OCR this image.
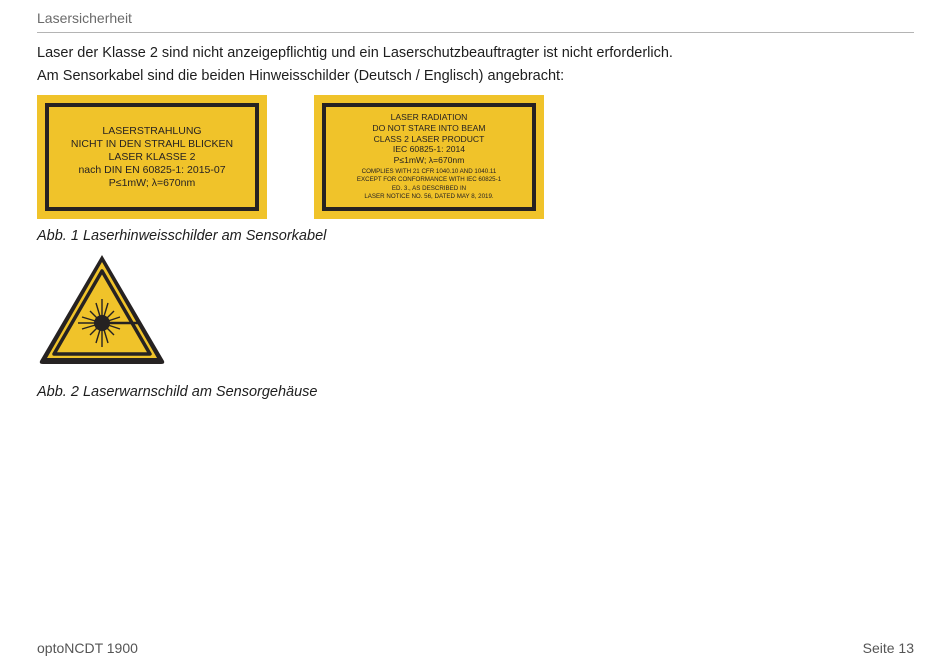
Lasersicherheit
Laser der Klasse 2 sind nicht anzeigepflichtig und ein Laserschutzbeauftragter ist nicht erforderlich.
Am Sensorkabel sind die beiden Hinweisschilder (Deutsch / Englisch) angebracht:
LASERSTRAHLUNG
NICHT IN DEN STRAHL BLICKEN
LASER KLASSE 2
nach DIN EN 60825-1: 2015-07
P≤1mW; λ=670nm
LASER RADIATION
DO NOT STARE INTO BEAM
CLASS 2 LASER PRODUCT
IEC 60825-1: 2014
P≤1mW; λ=670nm
COMPLIES WITH 21 CFR 1040.10 AND 1040.11
EXCEPT FOR CONFORMANCE WITH IEC 60825-1
ED. 3., AS DESCRIBED IN
LASER NOTICE NO. 56, DATED MAY 8, 2019.
Abb. 1 Laserhinweisschilder am Sensorkabel
Abb. 2 Laserwarnschild am Sensorgehäuse
optoNCDT 1900	Seite 13
